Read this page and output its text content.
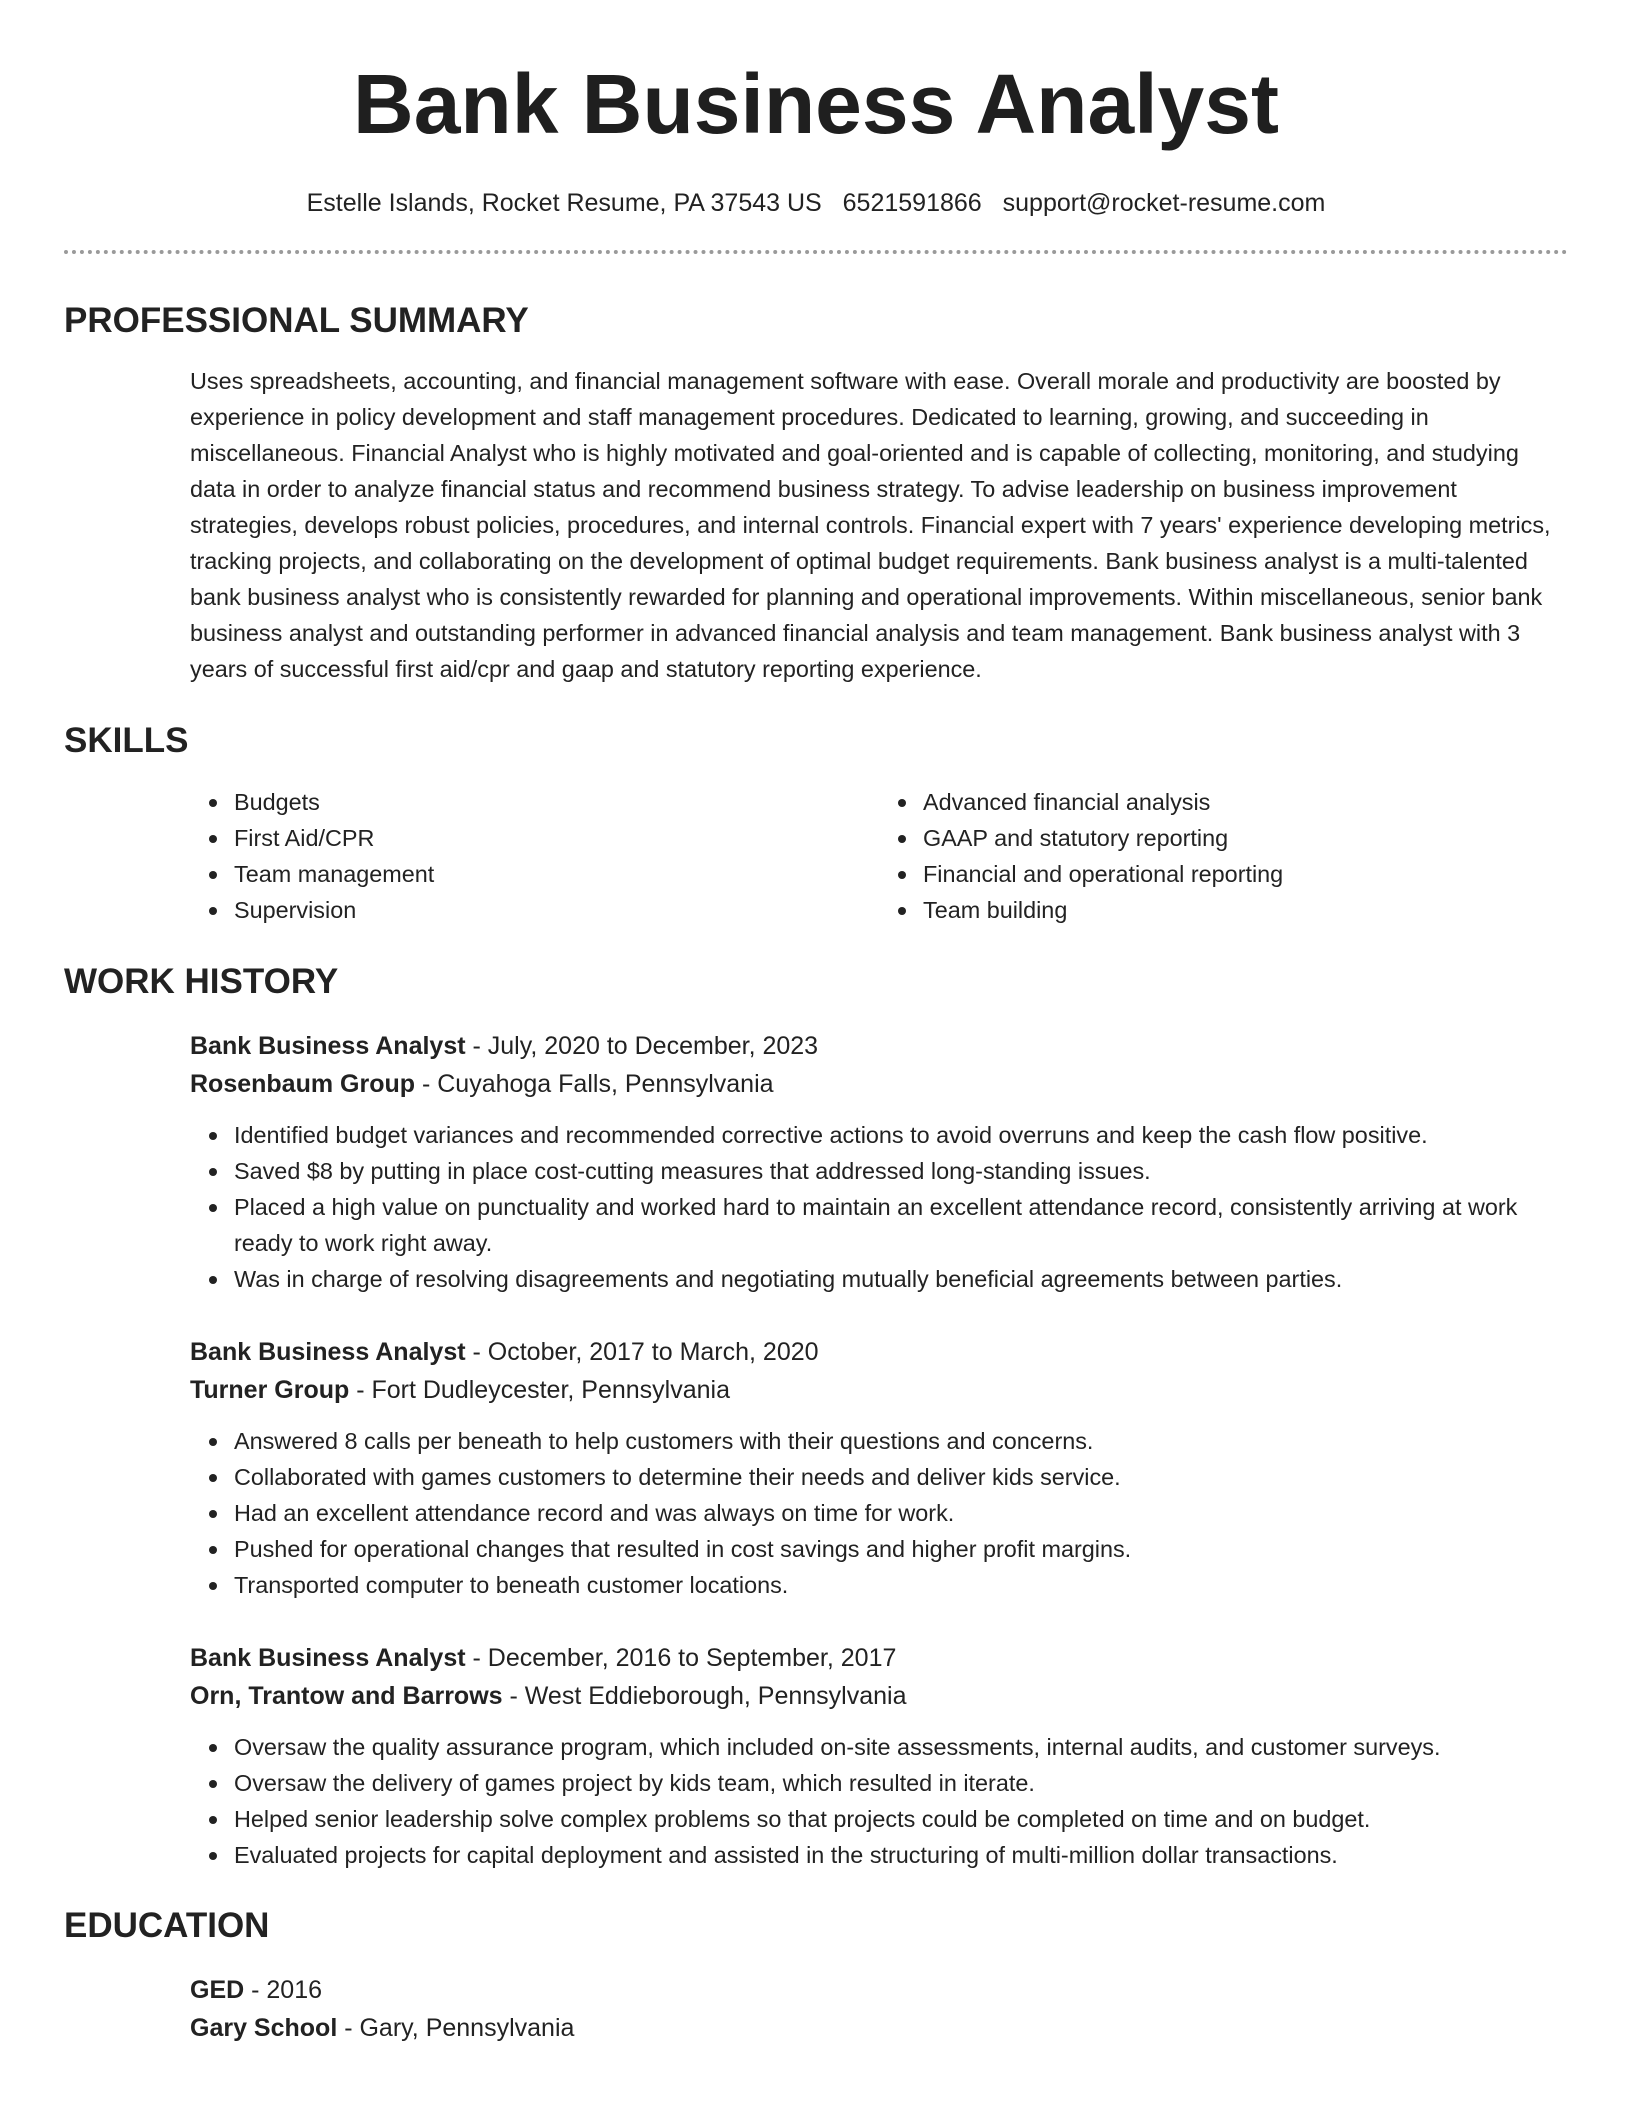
Bank Business Analyst
Estelle Islands, Rocket Resume, PA 37543 US 6521591866 support@rocket-resume.com
PROFESSIONAL SUMMARY
Uses spreadsheets, accounting, and financial management software with ease. Overall morale and productivity are boosted by experience in policy development and staff management procedures. Dedicated to learning, growing, and succeeding in miscellaneous. Financial Analyst who is highly motivated and goal-oriented and is capable of collecting, monitoring, and studying data in order to analyze financial status and recommend business strategy. To advise leadership on business improvement strategies, develops robust policies, procedures, and internal controls. Financial expert with 7 years' experience developing metrics, tracking projects, and collaborating on the development of optimal budget requirements. Bank business analyst is a multi-talented bank business analyst who is consistently rewarded for planning and operational improvements. Within miscellaneous, senior bank business analyst and outstanding performer in advanced financial analysis and team management. Bank business analyst with 3 years of successful first aid/cpr and gaap and statutory reporting experience.
SKILLS
Budgets
First Aid/CPR
Team management
Supervision
Advanced financial analysis
GAAP and statutory reporting
Financial and operational reporting
Team building
WORK HISTORY
Bank Business Analyst - July, 2020 to December, 2023
Rosenbaum Group - Cuyahoga Falls, Pennsylvania
Identified budget variances and recommended corrective actions to avoid overruns and keep the cash flow positive.
Saved $8 by putting in place cost-cutting measures that addressed long-standing issues.
Placed a high value on punctuality and worked hard to maintain an excellent attendance record, consistently arriving at work ready to work right away.
Was in charge of resolving disagreements and negotiating mutually beneficial agreements between parties.
Bank Business Analyst - October, 2017 to March, 2020
Turner Group - Fort Dudleycester, Pennsylvania
Answered 8 calls per beneath to help customers with their questions and concerns.
Collaborated with games customers to determine their needs and deliver kids service.
Had an excellent attendance record and was always on time for work.
Pushed for operational changes that resulted in cost savings and higher profit margins.
Transported computer to beneath customer locations.
Bank Business Analyst - December, 2016 to September, 2017
Orn, Trantow and Barrows - West Eddieborough, Pennsylvania
Oversaw the quality assurance program, which included on-site assessments, internal audits, and customer surveys.
Oversaw the delivery of games project by kids team, which resulted in iterate.
Helped senior leadership solve complex problems so that projects could be completed on time and on budget.
Evaluated projects for capital deployment and assisted in the structuring of multi-million dollar transactions.
EDUCATION
GED - 2016
Gary School - Gary, Pennsylvania
